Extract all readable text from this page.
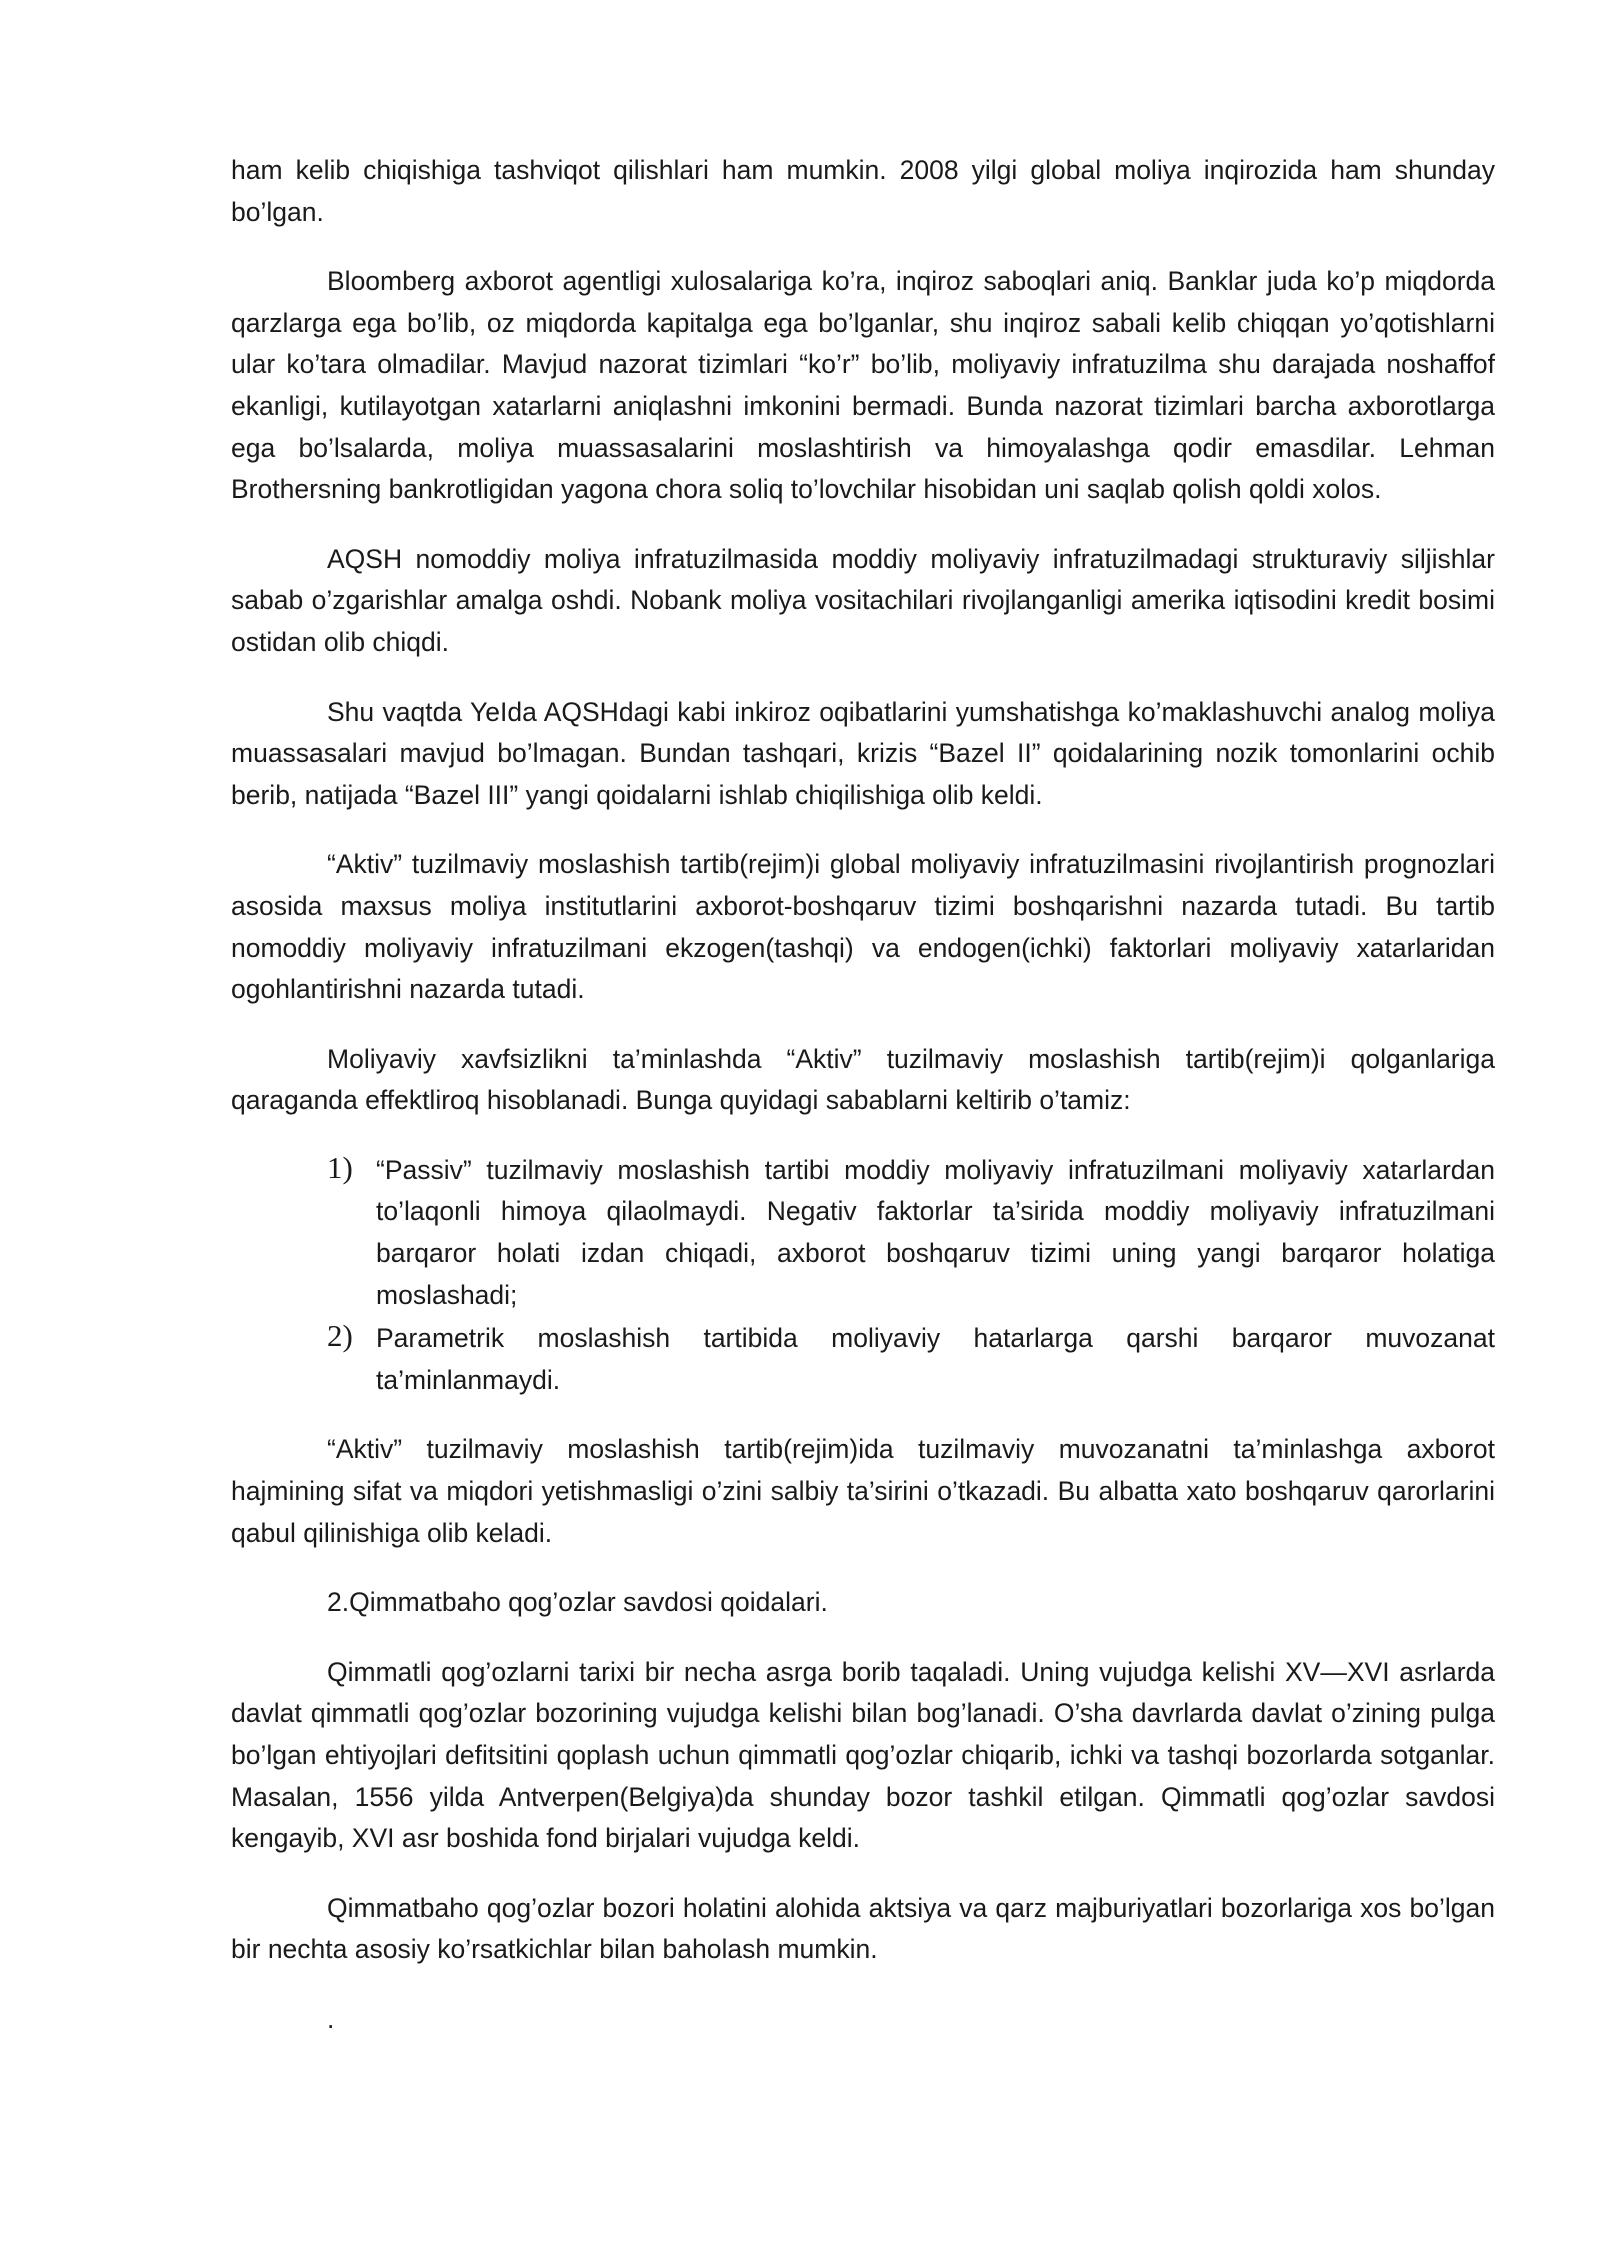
ham kelib chiqishiga tashviqot qilishlari ham mumkin. 2008 yilgi global moliya inqirozida ham shunday bo’lgan.

Bloomberg axborot agentligi xulosalariga ko’ra, inqiroz saboqlari aniq. Banklar juda ko’p miqdorda qarzlarga ega bo’lib, oz miqdorda kapitalga ega bo’lganlar, shu inqiroz sabali kelib chiqqan yo’qotishlarni ular ko’tara olmadilar. Mavjud nazorat tizimlari “ko’r” bo’lib, moliyaviy infratuzilma shu darajada noshaffof ekanligi, kutilayotgan xatarlarni aniqlashni imkonini bermadi. Bunda nazorat tizimlari barcha axborotlarga ega bo’lsalarda, moliya muassasalarini moslashtirish va himoyalashga qodir emasdilar. Lehman Brothersning bankrotligidan yagona chora soliq to’lovchilar hisobidan uni saqlab qolish qoldi xolos.

AQSH nomoddiy moliya infratuzilmasida moddiy moliyaviy infratuzilmadagi strukturaviy siljishlar sabab o’zgarishlar amalga oshdi. Nobank moliya vositachilari rivojlanganligi amerika iqtisodini kredit bosimi ostidan olib chiqdi.

Shu vaqtda YeIda AQSHdagi kabi inkiroz oqibatlarini yumshatishga ko’maklashuvchi analog moliya muassasalari mavjud bo’lmagan. Bundan tashqari, krizis “Bazel II” qoidalarining nozik tomonlarini ochib berib, natijada “Bazel III” yangi qoidalarni ishlab chiqilishiga olib keldi.

“Aktiv” tuzilmaviy moslashish tartib(rejim)i global moliyaviy infratuzilmasini rivojlantirish prognozlari asosida maxsus moliya institutlarini axborot-boshqaruv tizimi boshqarishni nazarda tutadi. Bu tartib nomoddiy moliyaviy infratuzilmani ekzogen(tashqi) va endogen(ichki) faktorlari moliyaviy xatarlaridan ogohlantirishni nazarda tutadi.

Moliyaviy xavfsizlikni ta’minlashda “Aktiv” tuzilmaviy moslashish tartib(rejim)i qolganlariga qaraganda effektliroq hisoblanadi. Bunga quyidagi sabablarni keltirib o’tamiz:

1) “Passiv” tuzilmaviy moslashish tartibi moddiy moliyaviy infratuzilmani moliyaviy xatarlardan to’laqonli himoya qilaolmaydi. Negativ faktorlar ta’sirida moddiy moliyaviy infratuzilmani barqaror holati izdan chiqadi, axborot boshqaruv tizimi uning yangi barqaror holatiga moslashadi;
2) Parametrik moslashish tartibida moliyaviy hatarlarga qarshi barqaror muvozanat ta’minlanmaydi.

“Aktiv” tuzilmaviy moslashish tartib(rejim)ida tuzilmaviy muvozanatni ta’minlashga axborot hajmining sifat va miqdori yetishmasligi o’zini salbiy ta’sirini o’tkazadi. Bu albatta xato boshqaruv qarorlarini qabul qilinishiga olib keladi.

2.Qimmatbaho qog’ozlar savdosi qoidalari.

Qimmatli qog’ozlarni tarixi bir necha asrga borib taqaladi. Uning vujudga kelishi XV—XVI asrlarda davlat qimmatli qog’ozlar bozorining vujudga kelishi bilan bog’lanadi. O’sha davrlarda davlat o’zining pulga bo’lgan ehtiyojlari defitsitini qoplash uchun qimmatli qog’ozlar chiqarib, ichki va tashqi bozorlarda sotganlar. Masalan, 1556 yilda Antverpen(Belgiya)da shunday bozor tashkil etilgan. Qimmatli qog’ozlar savdosi kengayib, XVI asr boshida fond birjalari vujudga keldi.

Qimmatbaho qog’ozlar bozori holatini alohida aktsiya va qarz majburiyatlari bozorlariga xos bo’lgan bir nechta asosiy ko’rsatkichlar bilan baholash mumkin.

.
